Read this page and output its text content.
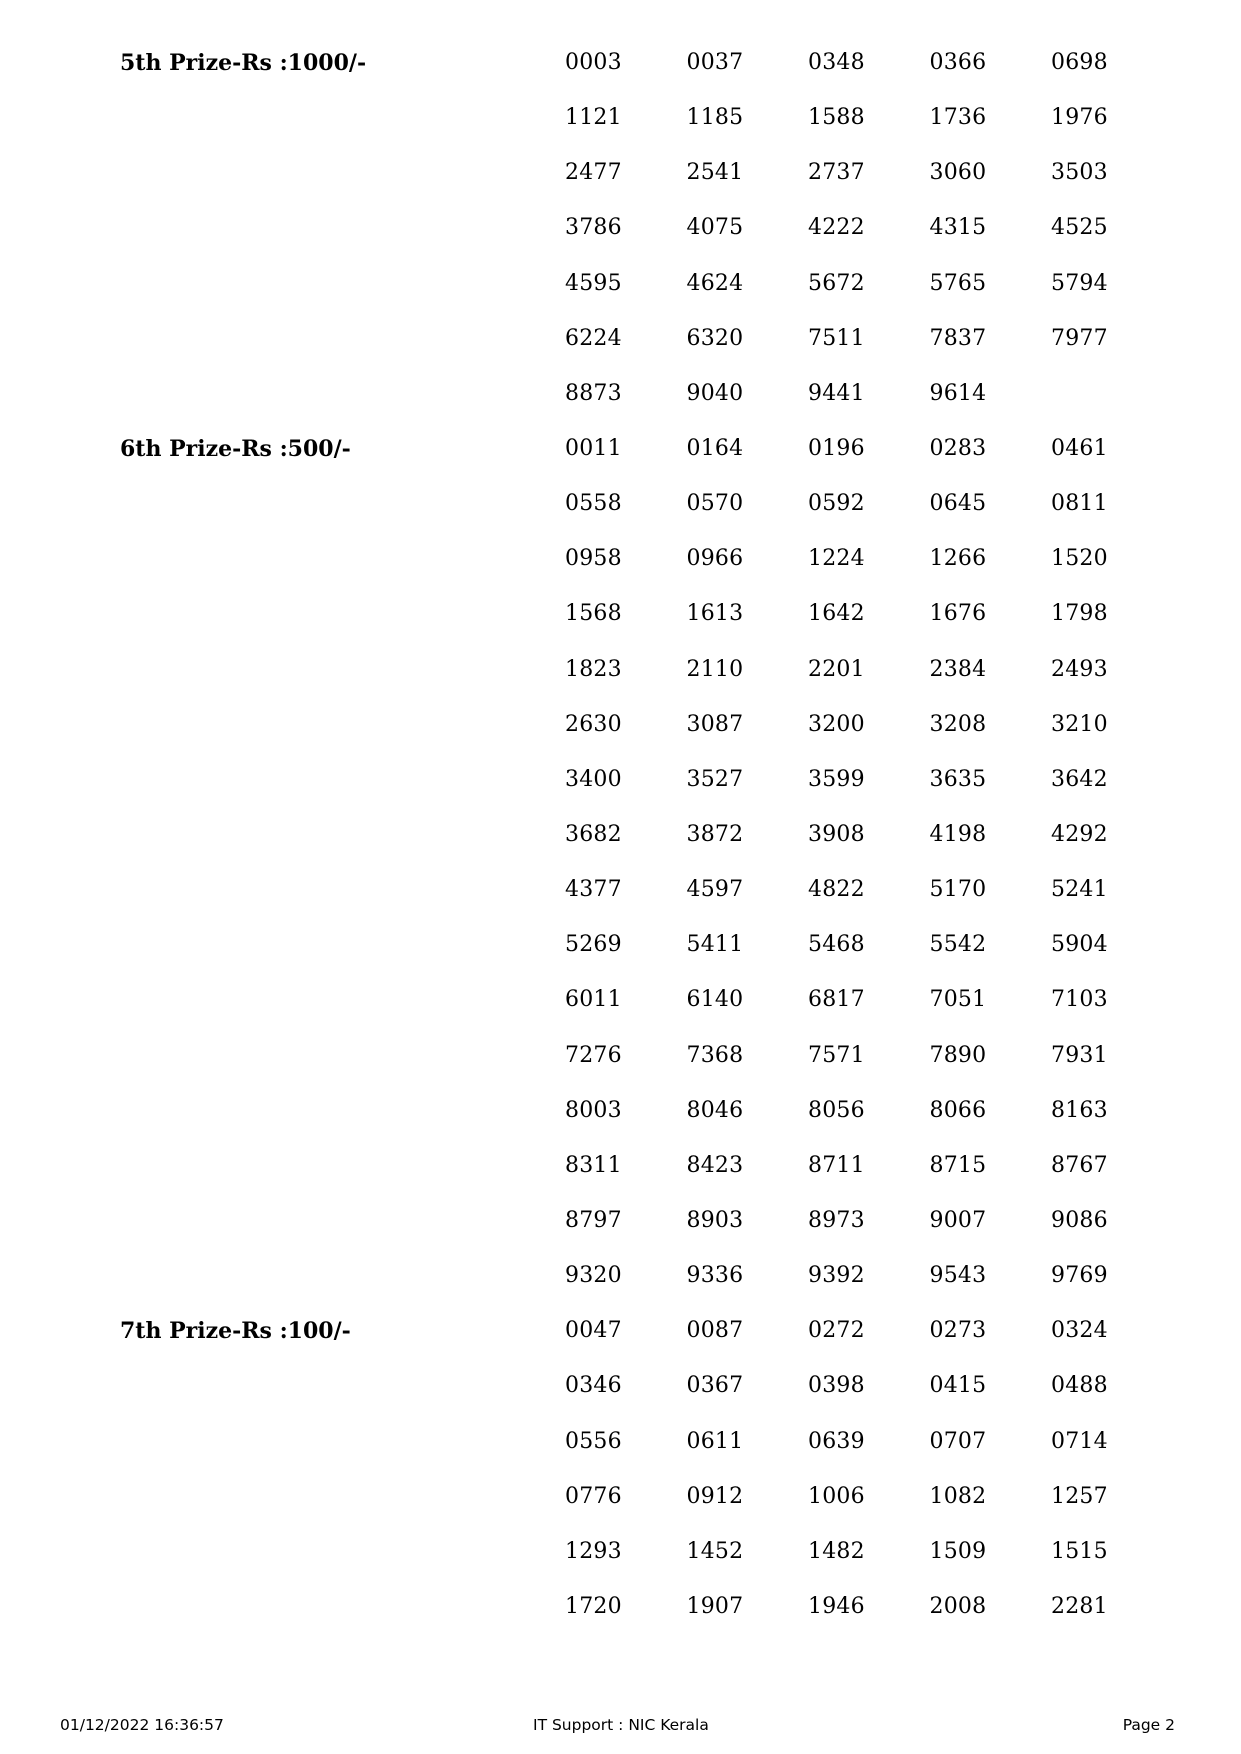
5th Prize-Rs :1000/-	0003	0037	0348	0366	0698
1121	1185	1588	1736	1976
2477	2541	2737	3060	3503
3786	4075	4222	4315	4525
4595	4624	5672	5765	5794
6224	6320	7511	7837	7977
8873	9040	9441	9614
6th Prize-Rs :500/-	0011	0164	0196	0283	0461
0558	0570	0592	0645	0811
0958	0966	1224	1266	1520
1568	1613	1642	1676	1798
1823	2110	2201	2384	2493
2630	3087	3200	3208	3210
3400	3527	3599	3635	3642
3682	3872	3908	4198	4292
4377	4597	4822	5170	5241
5269	5411	5468	5542	5904
6011	6140	6817	7051	7103
7276	7368	7571	7890	7931
8003	8046	8056	8066	8163
8311	8423	8711	8715	8767
8797	8903	8973	9007	9086
9320	9336	9392	9543	9769
7th Prize-Rs :100/-	0047	0087	0272	0273	0324
0346	0367	0398	0415	0488
0556	0611	0639	0707	0714
0776	0912	1006	1082	1257
1293	1452	1482	1509	1515
1720	1907	1946	2008	2281
01/12/2022 16:36:57	IT Support : NIC Kerala	Page 2
